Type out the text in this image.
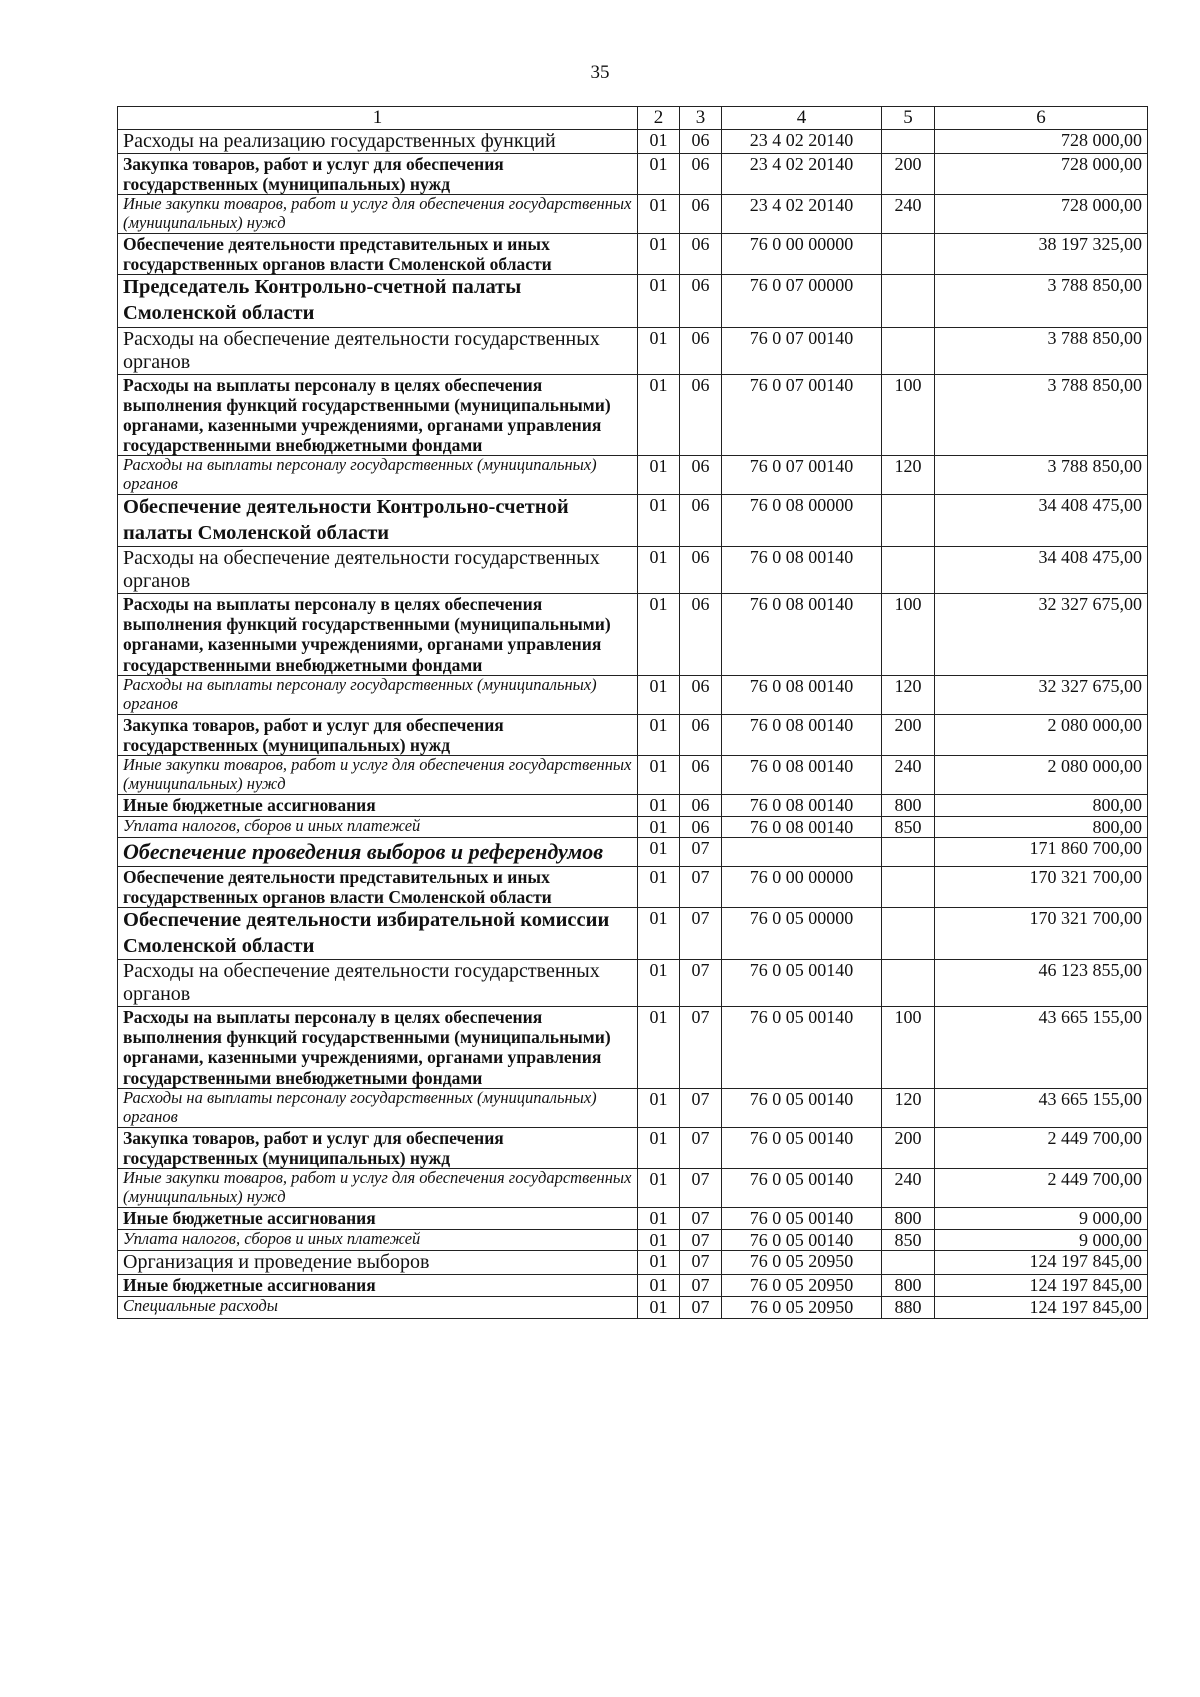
35
1	2	3	4	5	6
Расходы на реализацию государственных функций	01	06	23 4 02 20140		728 000,00
Закупка товаров, работ и услуг для обеспечения государственных (муниципальных) нужд	01	06	23 4 02 20140	200	728 000,00
Иные закупки товаров, работ и услуг для обеспечения государственных (муниципальных) нужд	01	06	23 4 02 20140	240	728 000,00
Обеспечение деятельности представительных и иных государственных органов власти Смоленской области	01	06	76 0 00 00000		38 197 325,00
Председатель Контрольно-счетной палаты Смоленской области	01	06	76 0 07 00000		3 788 850,00
Расходы на обеспечение деятельности государственных органов	01	06	76 0 07 00140		3 788 850,00
Расходы на выплаты персоналу в целях обеспечения выполнения функций государственными (муниципальными) органами, казенными учреждениями, органами управления государственными внебюджетными фондами	01	06	76 0 07 00140	100	3 788 850,00
Расходы на выплаты персоналу государственных (муниципальных) органов	01	06	76 0 07 00140	120	3 788 850,00
Обеспечение деятельности Контрольно-счетной палаты Смоленской области	01	06	76 0 08 00000		34 408 475,00
Расходы на обеспечение деятельности государственных органов	01	06	76 0 08 00140		34 408 475,00
Расходы на выплаты персоналу в целях обеспечения выполнения функций государственными (муниципальными) органами, казенными учреждениями, органами управления государственными внебюджетными фондами	01	06	76 0 08 00140	100	32 327 675,00
Расходы на выплаты персоналу государственных (муниципальных) органов	01	06	76 0 08 00140	120	32 327 675,00
Закупка товаров, работ и услуг для обеспечения государственных (муниципальных) нужд	01	06	76 0 08 00140	200	2 080 000,00
Иные закупки товаров, работ и услуг для обеспечения государственных (муниципальных) нужд	01	06	76 0 08 00140	240	2 080 000,00
Иные бюджетные ассигнования	01	06	76 0 08 00140	800	800,00
Уплата налогов, сборов и иных платежей	01	06	76 0 08 00140	850	800,00
Обеспечение проведения выборов и референдумов	01	07			171 860 700,00
Обеспечение деятельности представительных и иных государственных органов власти Смоленской области	01	07	76 0 00 00000		170 321 700,00
Обеспечение деятельности избирательной комиссии Смоленской области	01	07	76 0 05 00000		170 321 700,00
Расходы на обеспечение деятельности государственных органов	01	07	76 0 05 00140		46 123 855,00
Расходы на выплаты персоналу в целях обеспечения выполнения функций государственными (муниципальными) органами, казенными учреждениями, органами управления государственными внебюджетными фондами	01	07	76 0 05 00140	100	43 665 155,00
Расходы на выплаты персоналу государственных (муниципальных) органов	01	07	76 0 05 00140	120	43 665 155,00
Закупка товаров, работ и услуг для обеспечения государственных (муниципальных) нужд	01	07	76 0 05 00140	200	2 449 700,00
Иные закупки товаров, работ и услуг для обеспечения государственных (муниципальных) нужд	01	07	76 0 05 00140	240	2 449 700,00
Иные бюджетные ассигнования	01	07	76 0 05 00140	800	9 000,00
Уплата налогов, сборов и иных платежей	01	07	76 0 05 00140	850	9 000,00
Организация и проведение выборов	01	07	76 0 05 20950		124 197 845,00
Иные бюджетные ассигнования	01	07	76 0 05 20950	800	124 197 845,00
Специальные расходы	01	07	76 0 05 20950	880	124 197 845,00
